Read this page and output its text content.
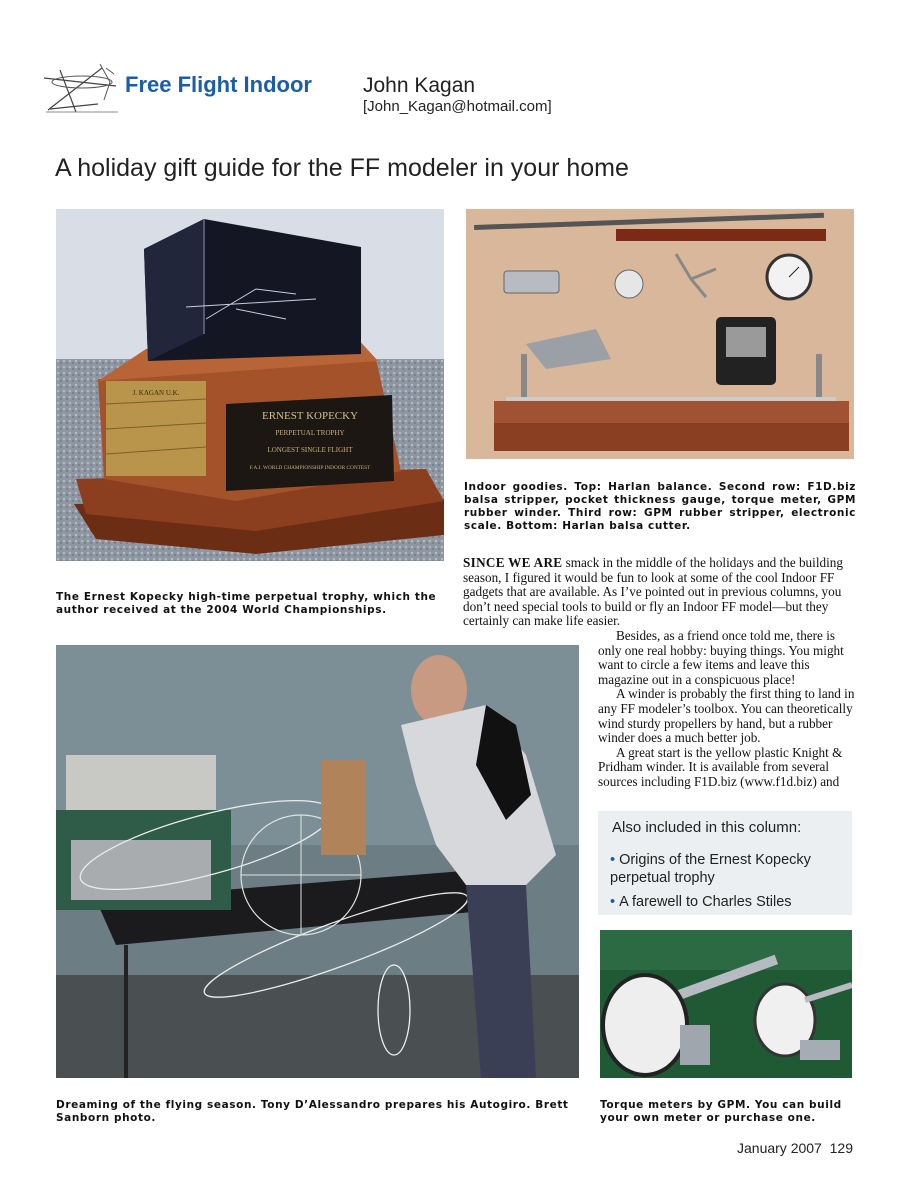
Free Flight Indoor John Kagan
[John_Kagan@hotmail.com]
A holiday gift guide for the FF modeler in your home
J. KAGAN U.K.
ERNEST KOPECKY
PERPETUAL TROPHY
LONGEST SINGLE FLIGHT
F.A.I. WORLD CHAMPIONSHIP INDOOR CONTEST
The Ernest Kopecky high-time perpetual trophy, which the author received at the 2004 World Championships.
Indoor goodies. Top: Harlan balance. Second row: F1D.biz balsa stripper, pocket thickness gauge, torque meter, GPM rubber winder. Third row: GPM rubber stripper, electronic scale. Bottom: Harlan balsa cutter.
SINCE WE ARE smack in the middle of the holidays and the building season, I figured it would be fun to look at some of the cool Indoor FF gadgets that are available. As I’ve pointed out in previous columns, you don’t need special tools to build or fly an Indoor FF model—but they certainly can make life easier.

Besides, as a friend once told me, there is only one real hobby: buying things. You might want to circle a few items and leave this magazine out in a conspicuous place!

A winder is probably the first thing to land in any FF modeler’s toolbox. You can theoretically wind sturdy propellers by hand, but a rubber winder does a much better job.

A great start is the yellow plastic Knight & Pridham winder. It is available from several sources including F1D.biz (www.f1d.biz) and

Dreaming of the flying season. Tony D’Alessandro prepares his Autogiro. Brett Sanborn photo.
Also included in this column:
• Origins of the Ernest Kopecky perpetual trophy
• A farewell to Charles Stiles
Torque meters by GPM. You can build your own meter or purchase one.
January 2007 129
